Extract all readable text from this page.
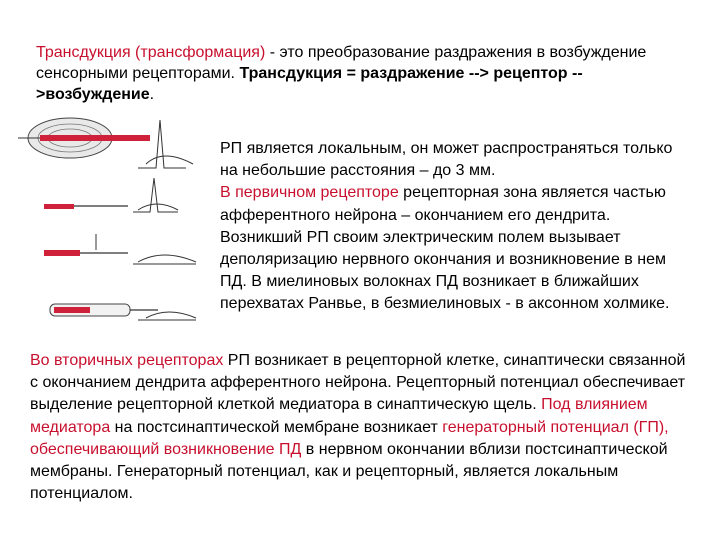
Трансдукция (трансформация) - это преобразование раздражения в возбуждение сенсорными рецепторами. Трансдукция = раздражение --> рецептор -->возбуждение.

РП является локальным, он может распространяться только на небольшие расстояния – до 3 мм.
В первичном рецепторе рецепторная зона является частью афферентного нейрона – окончанием его дендрита. Возникший РП своим электрическим полем вызывает деполяризацию нервного окончания и возникновение в нем ПД. В миелиновых волокнах ПД возникает в ближайших перехватах Ранвье, в безмиелиновых - в аксонном холмике.

Во вторичных рецепторах РП возникает в рецепторной клетке, синаптически связанной с окончанием дендрита афферентного нейрона. Рецепторный потенциал обеспечивает выделение рецепторной клеткой медиатора в синаптическую щель. Под влиянием медиатора на постсинаптической мембране возникает генераторный потенциал (ГП), обеспечивающий возникновение ПД в нервном окончании вблизи постсинаптической мембраны. Генераторный потенциал, как и рецепторный, является локальным потенциалом.
